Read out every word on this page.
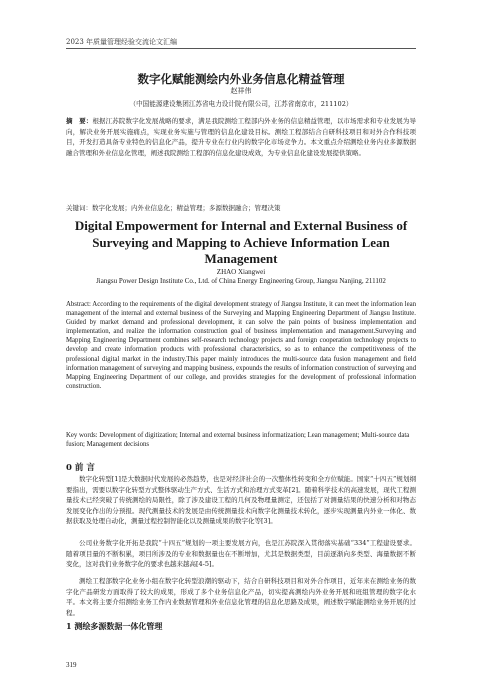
2023 年质量管理经验交流论文汇编
数字化赋能测绘内外业务信息化精益管理
赵祥伟
（中国能源建设集团江苏省电力设计院有限公司，江苏省南京市，211102）
摘　要：根据江苏院数字化发展战略的要求，满足我院测绘工程部内外业务的信息精益管理，以市场需求和专业发展为导向，解决业务开展实施痛点，实现业务实施与管理的信息化建设目标。测绘工程部结合自研科技项目和对外合作科技项目，开发打造具备专业特色的信息化产品，提升专业在行业内的数字化市场竞争力。本文重点介绍测绘业务内业多源数据融合管理和外业信息化管理，阐述我院测绘工程部的信息化建设成效，为专业信息化建设发展提供策略。
关键词：数字化发展；内外业信息化；精益管理；多源数据融合；管理决策
Digital Empowerment for Internal and External Business of Surveying and Mapping to Achieve Information Lean Management
ZHAO Xiangwei
Jiangsu Power Design Institute Co., Ltd. of China Energy Engineering Group, Jiangsu Nanjing, 211102
Abstract: According to the requirements of the digital development strategy of Jiangsu Institute, it can meet the information lean management of the internal and external business of the Surveying and Mapping Engineering Department of Jiangsu Institute. Guided by market demand and professional development, it can solve the pain points of business implementation and implementation, and realize the information construction goal of business implementation and management.Surveying and Mapping Engineering Department combines self-research technology projects and foreign cooperation technology projects to develop and create information products with professional characteristics, so as to enhance the competitiveness of the professional digital market in the industry.This paper mainly introduces the multi-source data fusion management and field information management of surveying and mapping business, expounds the results of information construction of surveying and Mapping Engineering Department of our college, and provides strategies for the development of professional information construction.
Key words: Development of digitization; Internal and external business informatization; Lean management; Multi-source data fusion; Management decisions
0 前 言
数字化转型[1]是大数据时代发展的必然趋势，也是对经济社会的一次整体性转变和全方位赋能。国家“十四五”规划纲要指出，需要以数字化转型方式整体驱动生产方式、生活方式和治理方式变革[2]。随着科学技术的高速发展，现代工程测量技术已经突破了传统测绘的局限性，除了涉及建设工程的几何及物理量测定，还包括了对测量结果的快速分析和对物态发展变化作出的分预报。现代测量技术的发展是由传统测量技术向数字化测量技术转化，逐步实现测量内外业一体化、数据获取及处理自动化，测量过程控制智能化以及测量成果的数字化等[3]。
公司业务数字化开拓是我院“十四五”规划的一项主要发展方向，也是江苏院深入贯彻落实基础“334”工程建设要求。随着项目量的不断积累，项目所涉及的专业和数据量也在不断增加，尤其是数据类型，目前逐渐向多类型、海量数据不断变化，这对我们业务数字化的要求也越来越高[4-5]。
测绘工程部数字化业务小组在数字化转型浪潮的驱动下，结合自研科技项目和对外合作项目，近年来在测绘业务的数字化产品研发方面取得了较大的成果，形成了多个业务信息化产品，切实提高测绘内外业务开展和班组管理的数字化水平。本文将主要介绍测绘业务工作内业数据管理和外业信息化管理的信息化思路及成果，阐述数字赋能测绘业务开展的过程。
1 测绘多源数据一体化管理
319
